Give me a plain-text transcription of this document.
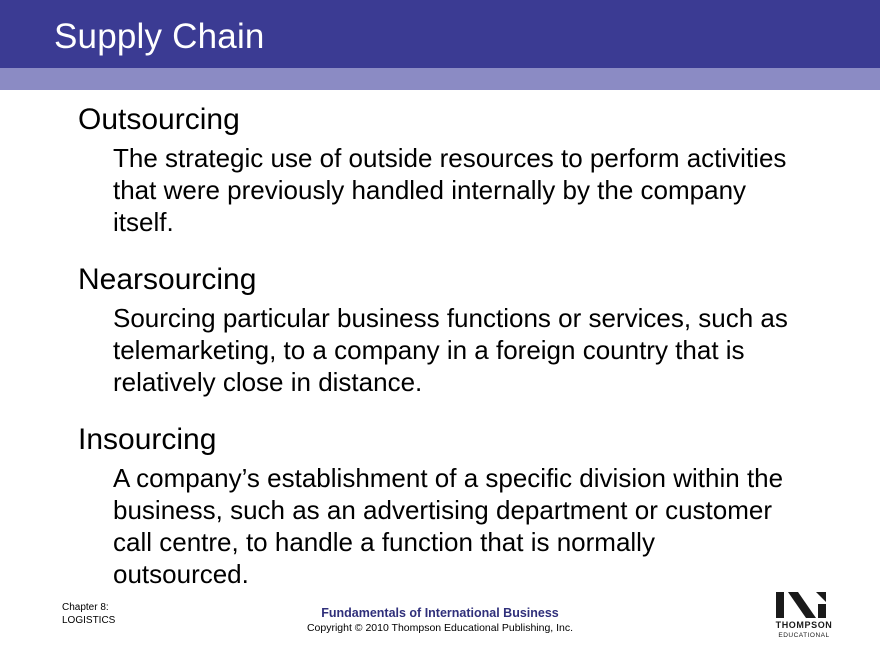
Supply Chain
Outsourcing
The strategic use of outside resources to perform activities that were previously handled internally by the company itself.
Nearsourcing
Sourcing particular business functions or services, such as telemarketing, to a company in a foreign country that is relatively close in distance.
Insourcing
A company’s establishment of a specific division within the business, such as an advertising department or customer call centre, to handle a function that is normally outsourced.
Chapter 8:
LOGISTICS
Fundamentals of International Business
Copyright © 2010 Thompson Educational Publishing, Inc.	THOMPSON
EDUCATIONAL
